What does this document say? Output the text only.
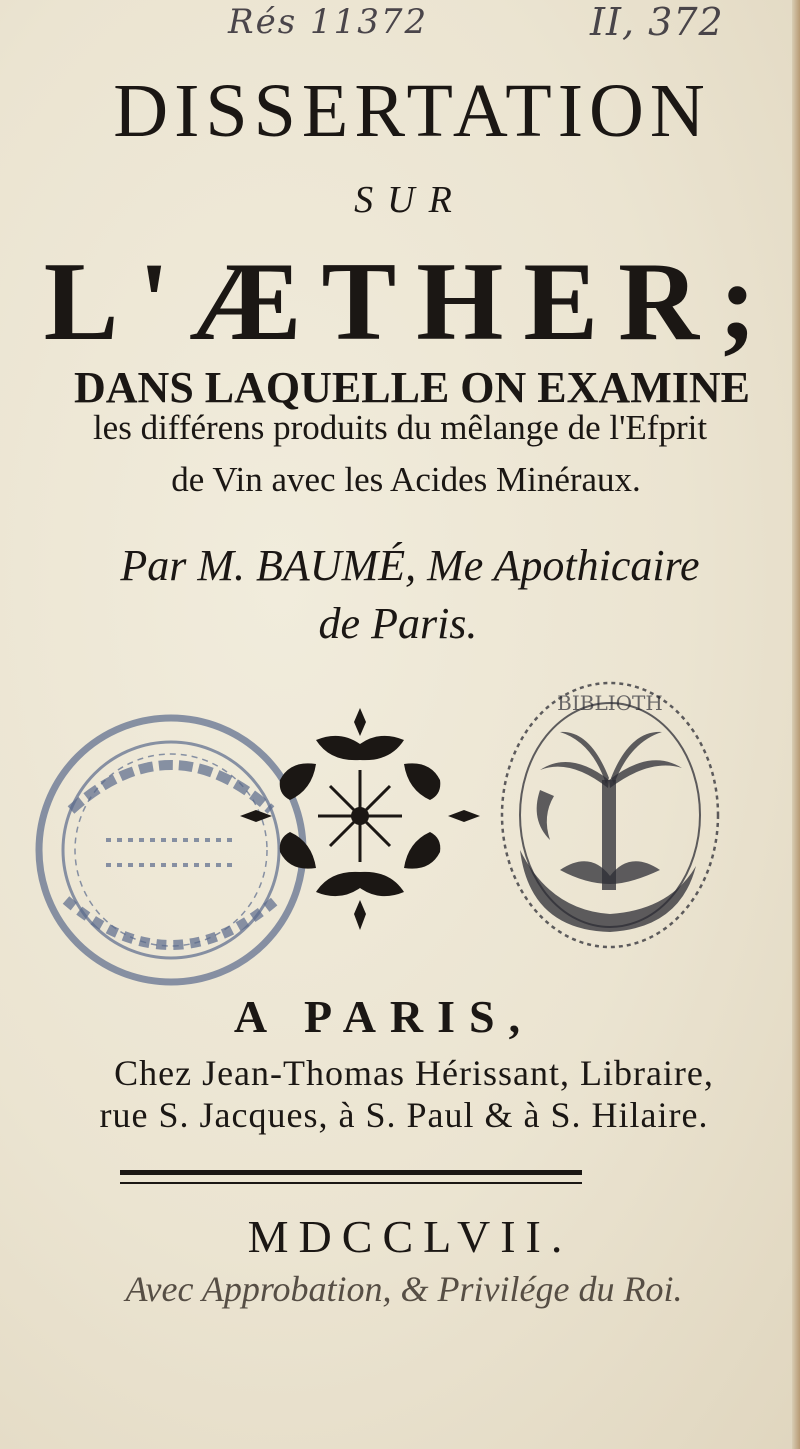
Rés 11372	II, 372
DISSERTATION
SUR
L'ÆTHER;
DANS LAQUELLE ON EXAMINE
les différens produits du mêlange de l'Efprit
de Vin avec les Acides Minéraux.
Par M. BAUMÉ, Me Apothicaire
de Paris.
BIBLIOTH
A PARIS,
Chez Jean-Thomas Hérissant, Libraire,
rue S. Jacques, à S. Paul & à S. Hilaire.
MDCCLVII.
Avec Approbation, & Privilége du Roi.
